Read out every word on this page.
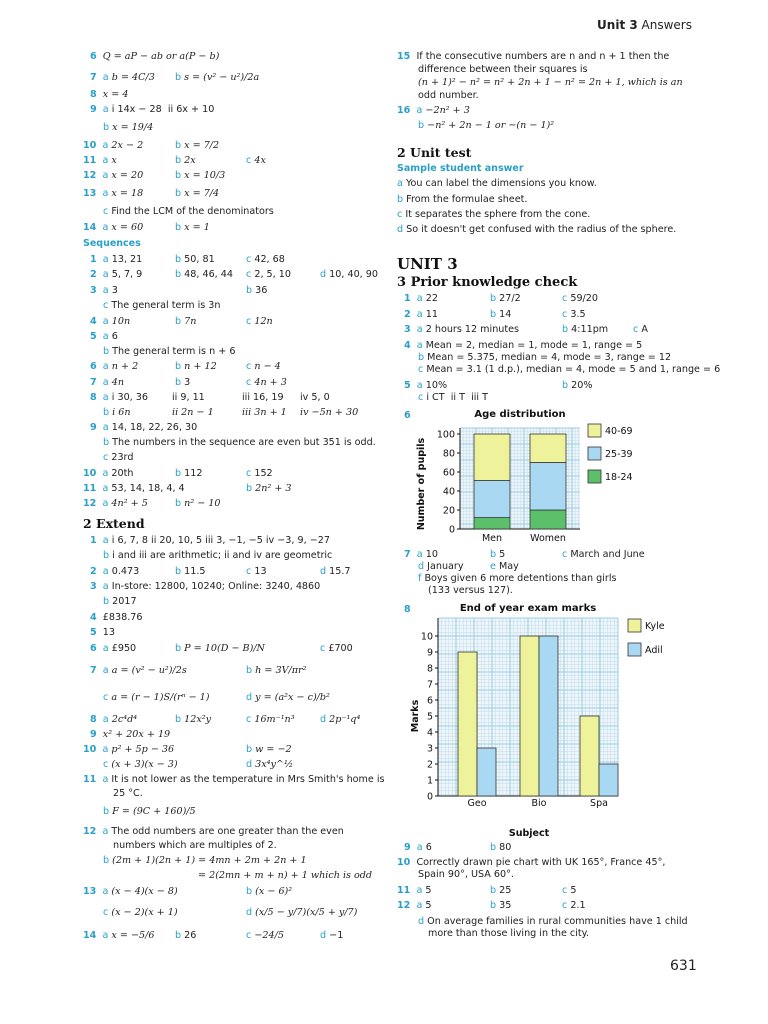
Unit 3 Answers
6 Q = aP − ab or a(P − b)
7 a b = 4C/3 b s = (v² − u²)/2a
8 x = 4
9 a i 14x − 28 ii 6x + 10
b x = 19/4
10 a 2x − 2	b x = 7/2
11 a x	b 2x	c 4x
12 a x = 20	b x = 10/3
13 a x = 18	b x = 7/4
c Find the LCM of the denominators
14 a x = 60	b x = 1
Sequences
1 a 13, 21	b 50, 81	c 42, 68
2 a 5, 7, 9	b 48, 46, 44 c 2, 5, 10	d 10, 40, 90
3 a 3	b 36
c The general term is 3n
4 a 10n	b 7n	c 12n
5 a 6
b The general term is n + 6
6 a n + 2	b n + 12	c n − 4
7 a 4n	b 3	c 4n + 3
8 a i 30, 36	ii 9, 11	iii 16, 19 iv 5, 0
b i 6n	ii 2n − 1	iii 3n + 1 iv −5n + 30
9 a 14, 18, 22, 26, 30
b The numbers in the sequence are even but 351 is odd.
c 23rd
10 a 20th	b 112	c 152
11 a 53, 14, 18, 4, 4	b 2n² + 3
12 a 4n² + 5	b n² − 10
2 Extend
1 a i 6, 7, 8 ii 20, 10, 5 iii 3, −1, −5 iv −3, 9, −27
b i and iii are arithmetic; ii and iv are geometric
2 a 0.473	b 11.5	c 13	d 15.7
3 a In-store: 12800, 10240; Online: 3240, 4860
b 2017
4 £838.76
5 13
6 a £950	b P = 10(D − B)/N	c £700
7 a a = (v² − u²)/2s	b h = 3V/πr²
c a = (r − 1)S/(rⁿ − 1)	d y = (a²x − c)/b²
8 a 2c⁴d⁴	b 12x²y	c 16m⁻¹n³	d 2p⁻¹q⁴
9 x² + 20x + 19
10 a p² + 5p − 36	b w = −2
c (x + 3)(x − 3)	d 3x⁴y^½
11 a It is not lower as the temperature in Mrs Smith's home is
25 °C.
b F = (9C + 160)/5
12 a The odd numbers are one greater than the even
numbers which are multiples of 2.
b (2m + 1)(2n + 1) = 4mn + 2m + 2n + 1
= 2(2mn + m + n) + 1 which is odd
13 a (x − 4)(x − 8)	b (x − 6)²
c (x − 2)(x + 1)	d (x/5 − y/7)(x/5 + y/7)
14 a x = −5/6 b 26	c −24/5	d −1
15 If the consecutive numbers are n and n + 1 then the
difference between their squares is
(n + 1)² − n² = n² + 2n + 1 − n² = 2n + 1, which is an
odd number.
16 a −2n² + 3
b −n² + 2n − 1 or −(n − 1)²
2 Unit test
Sample student answer
a You can label the dimensions you know.
b From the formulae sheet.
c It separates the sphere from the cone.
d So it doesn't get confused with the radius of the sphere.
UNIT 3
3 Prior knowledge check
1 a 22	b 27/2	c 59/20
2 a 11	b 14	c 3.5
3 a 2 hours 12 minutes	b 4:11pm	c A
4 a Mean = 2, median = 1, mode = 1, range = 5
b Mean = 5.375, median = 4, mode = 3, range = 12
c Mean = 3.1 (1 d.p.), median = 4, mode = 5 and 1, range = 6
5 a 10%	b 20%
c i CT ii T iii T
6	Age distribution
Number of pupils 0
20
40
60
80
100
Men	Women
40-69
25-39
18-24
7 a 10	b 5	c March and June
d January	e May
f Boys given 6 more detentions than girls
(133 versus 127).
8	End of year exam marks
Marks
Subject
0
1
2
3
4
5
6
7
8
9
10
Geo	Bio	Spa
Kyle
Adil
9 a 6	b 80
10 Correctly drawn pie chart with UK 165°, France 45°,
Spain 90°, USA 60°.
11 a 5	b 25	c 5
12 a 5	b 35	c 2.1
d On average families in rural communities have 1 child
more than those living in the city.
631
